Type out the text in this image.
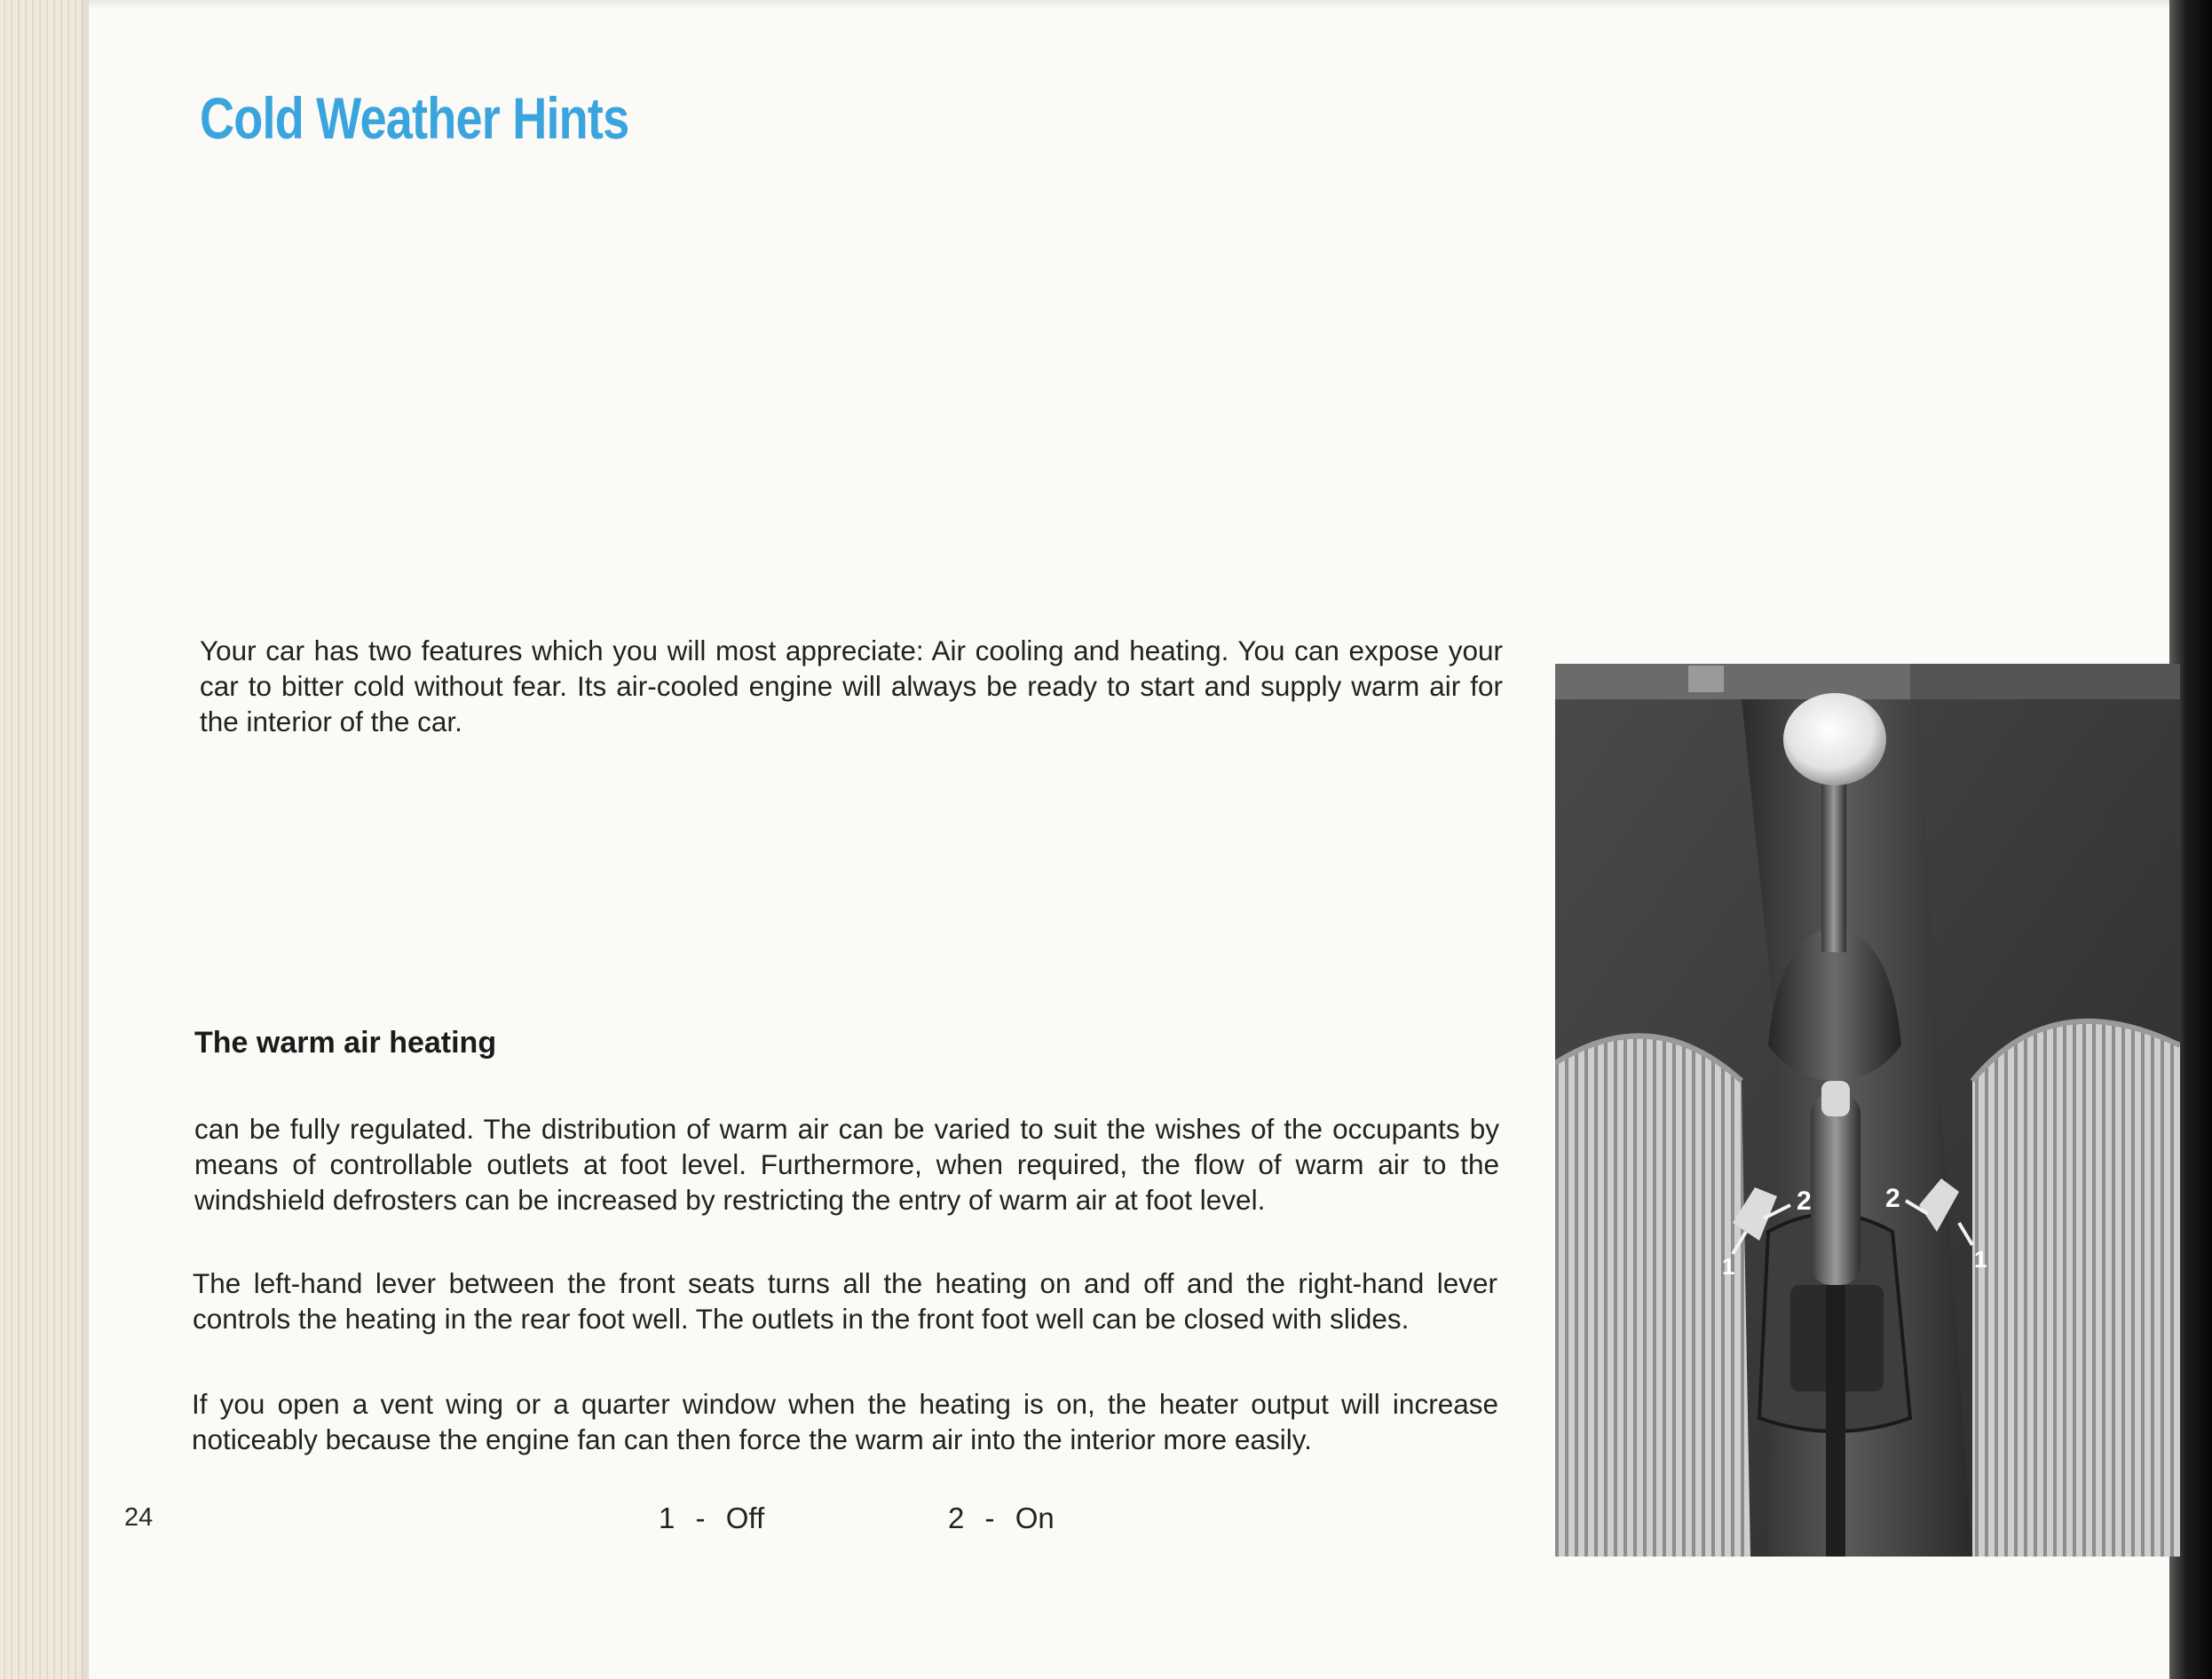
Cold Weather Hints
Your car has two features which you will most appreciate: Air cooling and heating. You can expose your car to bitter cold without fear. Its air-cooled engine will always be ready to start and supply warm air for the interior of the car.
The warm air heating
can be fully regulated. The distribution of warm air can be varied to suit the wishes of the occupants by means of controllable outlets at foot level. Furthermore, when required, the flow of warm air to the windshield defrosters can be increased by restricting the entry of warm air at foot level.
The left-hand lever between the front seats turns all the heating on and off and the right-hand lever controls the heating in the rear foot well. The outlets in the front foot well can be closed with slides.
If you open a vent wing or a quarter window when the heating is on, the heater output will increase noticeably because the engine fan can then force the warm air into the interior more easily.
24	1 - Off	2 - On
2
1
2
1
